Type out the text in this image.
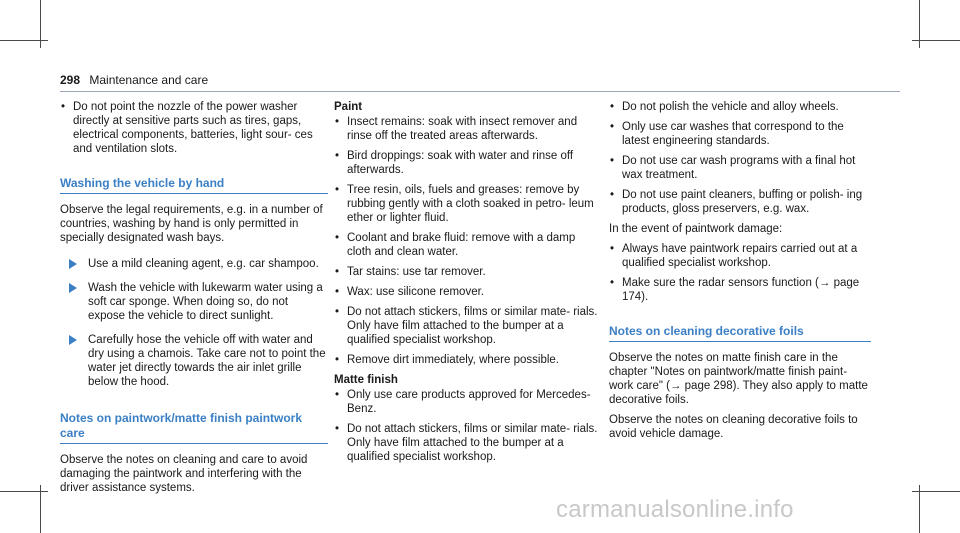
298 Maintenance and care
• Do not point the nozzle of the power washer directly at sensitive parts such as tires, gaps, electrical components, batteries, light sour- ces and ventilation slots.
Washing the vehicle by hand

Observe the legal requirements, e.g. in a number of countries, washing by hand is only permitted in specially designated wash bays.

Use a mild cleaning agent, e.g. car shampoo.
Wash the vehicle with lukewarm water using a soft car sponge. When doing so, do not expose the vehicle to direct sunlight.
Carefully hose the vehicle off with water and dry using a chamois. Take care not to point the water jet directly towards the air inlet grille below the hood.
Notes on paintwork/matte finish paintwork care

Observe the notes on cleaning and care to avoid damaging the paintwork and interfering with the driver assistance systems.

Paint
• Insect remains: soak with insect remover and rinse off the treated areas afterwards.
• Bird droppings: soak with water and rinse off afterwards.
• Tree resin, oils, fuels and greases: remove by rubbing gently with a cloth soaked in petro- leum ether or lighter fluid.
• Coolant and brake fluid: remove with a damp cloth and clean water.
• Tar stains: use tar remover.
• Wax: use silicone remover.
• Do not attach stickers, films or similar mate- rials. Only have film attached to the bumper at a qualified specialist workshop.
• Remove dirt immediately, where possible.
Matte finish
• Only use care products approved for Mercedes-Benz.
• Do not attach stickers, films or similar mate- rials. Only have film attached to the bumper at a qualified specialist workshop.
• Do not polish the vehicle and alloy wheels.
• Only use car washes that correspond to the latest engineering standards.
• Do not use car wash programs with a final hot wax treatment.
• Do not use paint cleaners, buffing or polish- ing products, gloss preservers, e.g. wax.

In the event of paintwork damage:

• Always have paintwork repairs carried out at a qualified specialist workshop.
• Make sure the radar sensors function (→ page 174).
Notes on cleaning decorative foils

Observe the notes on matte finish care in the chapter "Notes on paintwork/matte finish paint- work care" (→ page 298). They also apply to matte decorative foils.

Observe the notes on cleaning decorative foils to avoid vehicle damage.

carmanualsonline.info
